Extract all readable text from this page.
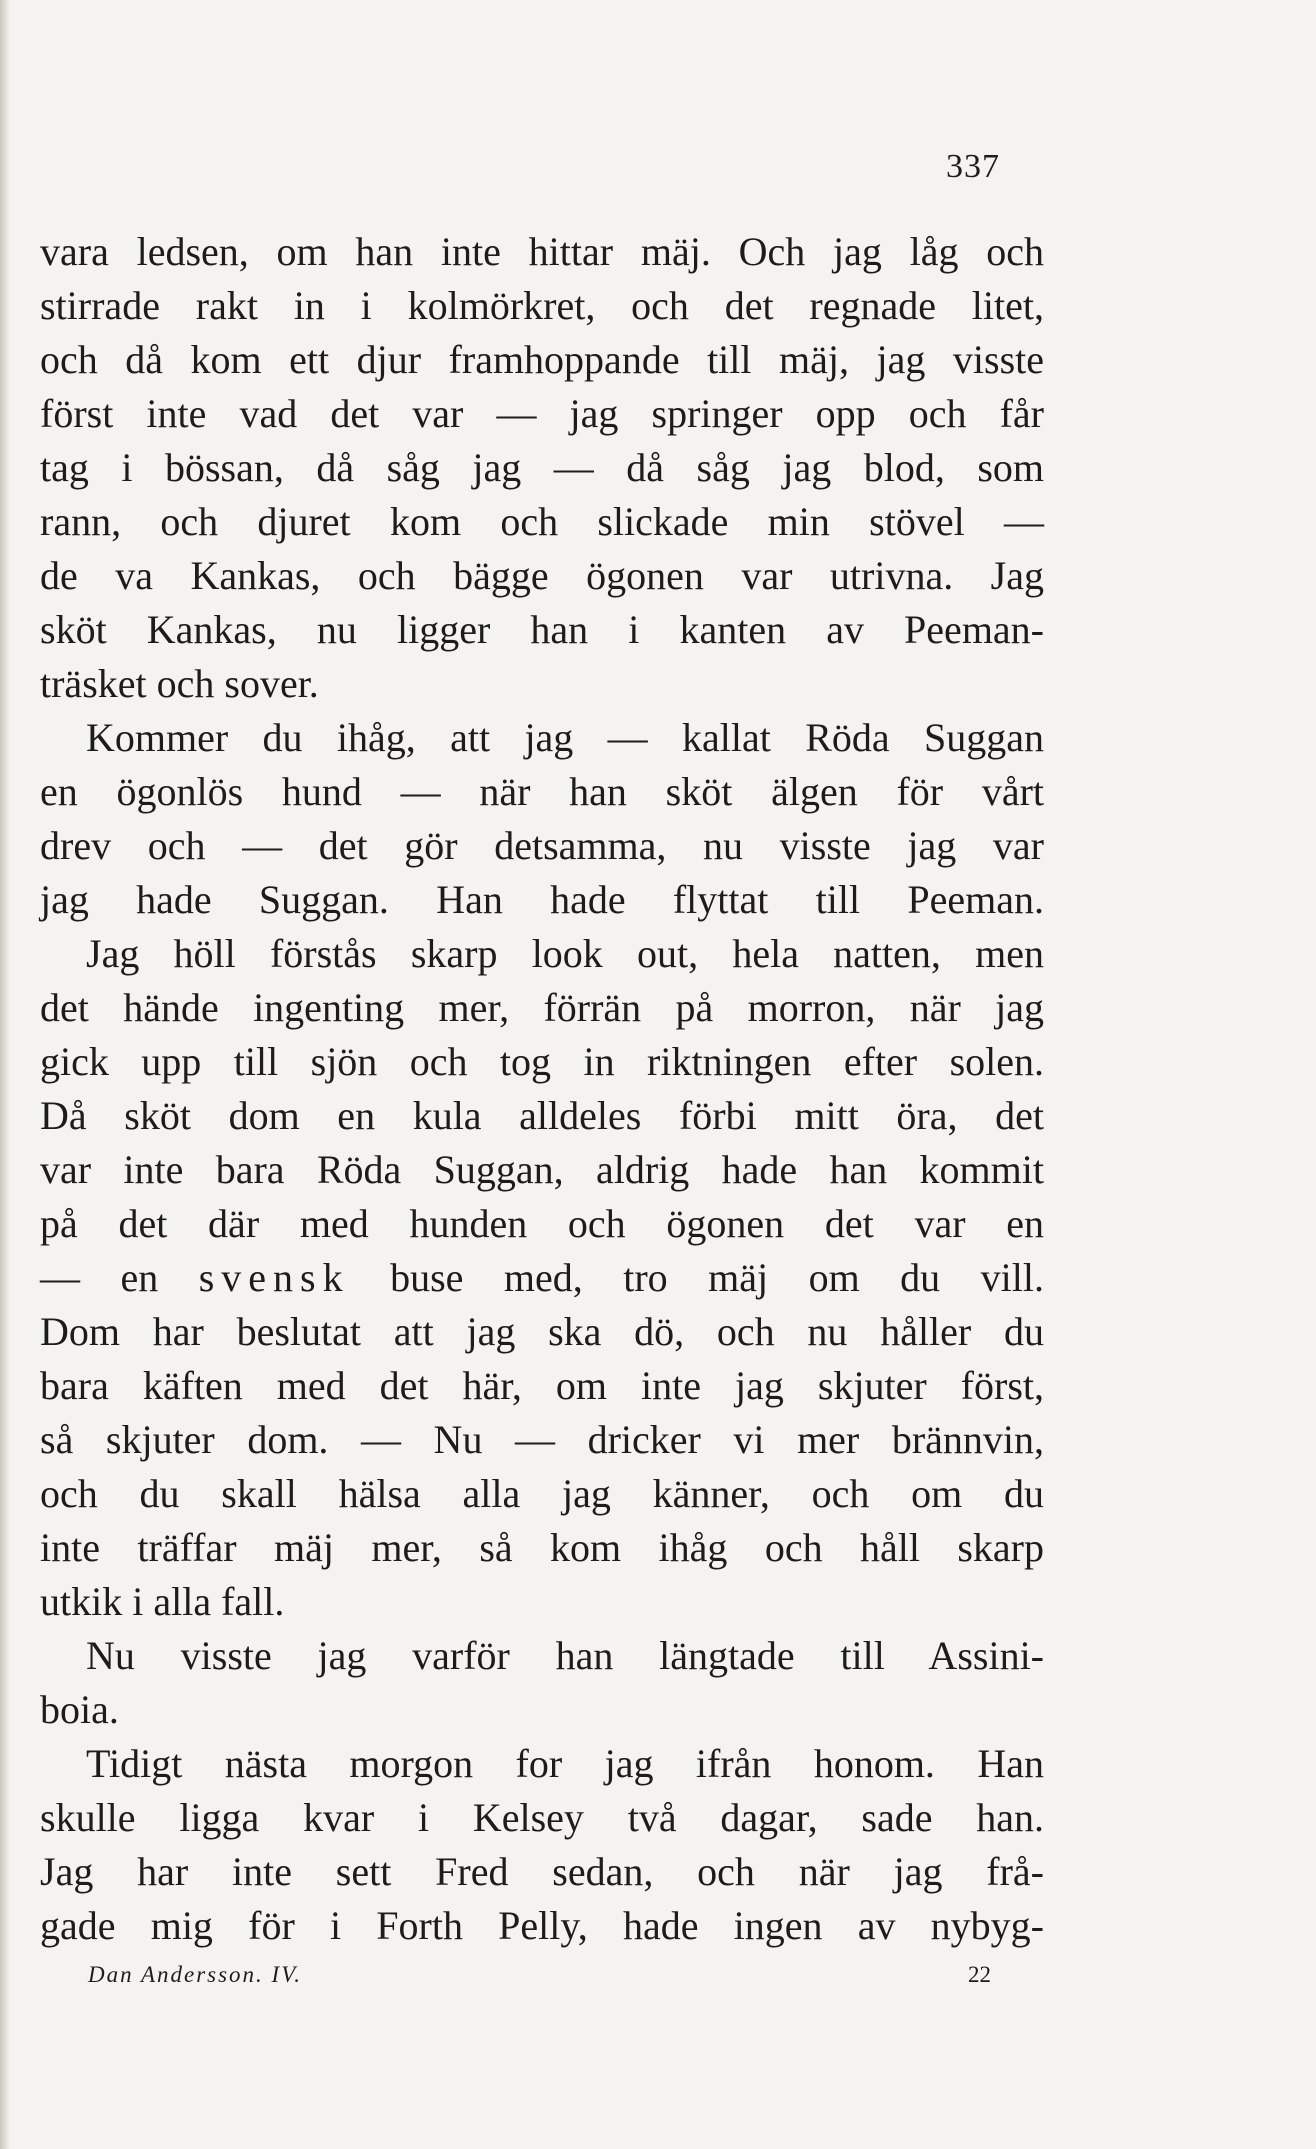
337
vara ledsen, om han inte hittar mäj. Och jag låg och
stirrade rakt in i kolmörkret, och det regnade litet,
och då kom ett djur framhoppande till mäj, jag visste
först inte vad det var — jag springer opp och får
tag i bössan, då såg jag — då såg jag blod, som
rann, och djuret kom och slickade min stövel —
de va Kankas, och bägge ögonen var utrivna. Jag
sköt Kankas, nu ligger han i kanten av Peeman-
träsket och sover.
Kommer du ihåg, att jag — kallat Röda Suggan
en ögonlös hund — när han sköt älgen för vårt
drev och — det gör detsamma, nu visste jag var
jag hade Suggan. Han hade flyttat till Peeman.
Jag höll förstås skarp look out, hela natten, men
det hände ingenting mer, förrän på morron, när jag
gick upp till sjön och tog in riktningen efter solen.
Då sköt dom en kula alldeles förbi mitt öra, det
var inte bara Röda Suggan, aldrig hade han kommit
på det där med hunden och ögonen det var en
— en svensk buse med, tro mäj om du vill.
Dom har beslutat att jag ska dö, och nu håller du
bara käften med det här, om inte jag skjuter först,
så skjuter dom. — Nu — dricker vi mer brännvin,
och du skall hälsa alla jag känner, och om du
inte träffar mäj mer, så kom ihåg och håll skarp
utkik i alla fall.
Nu visste jag varför han längtade till Assini-
boia.
Tidigt nästa morgon for jag ifrån honom. Han
skulle ligga kvar i Kelsey två dagar, sade han.
Jag har inte sett Fred sedan, och när jag frå-
gade mig för i Forth Pelly, hade ingen av nybyg-
Dan Andersson. IV.	22
